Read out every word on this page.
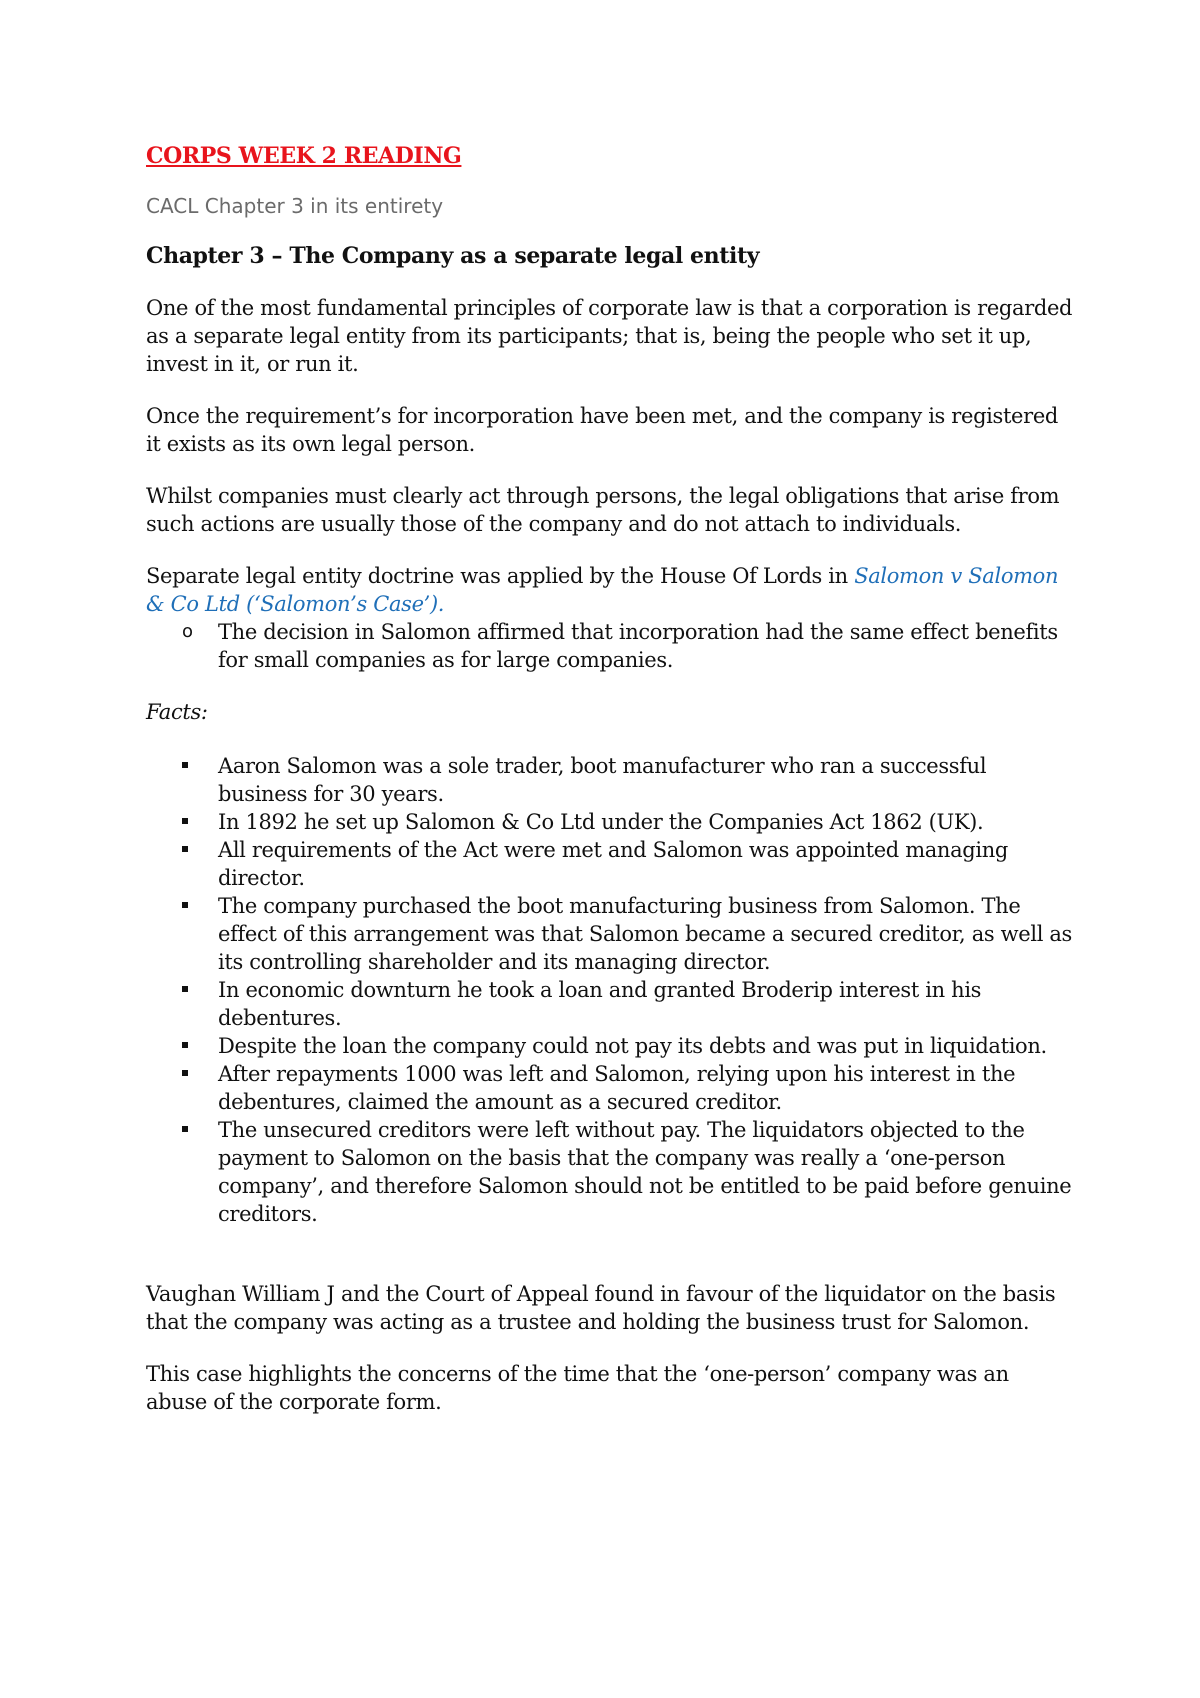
CORPS WEEK 2 READING

CACL Chapter 3 in its entirety

Chapter 3 – The Company as a separate legal entity

One of the most fundamental principles of corporate law is that a corporation is regarded as a separate legal entity from its participants; that is, being the people who set it up, invest in it, or run it.

Once the requirement’s for incorporation have been met, and the company is registered it exists as its own legal person.

Whilst companies must clearly act through persons, the legal obligations that arise from such actions are usually those of the company and do not attach to individuals.

Separate legal entity doctrine was applied by the House Of Lords in Salomon v Salomon & Co Ltd (‘Salomon’s Case’).

o The decision in Salomon affirmed that incorporation had the same effect benefits for small companies as for large companies.

Facts:

Aaron Salomon was a sole trader, boot manufacturer who ran a successful business for 30 years.
In 1892 he set up Salomon & Co Ltd under the Companies Act 1862 (UK).
All requirements of the Act were met and Salomon was appointed managing director.
The company purchased the boot manufacturing business from Salomon. The effect of this arrangement was that Salomon became a secured creditor, as well as its controlling shareholder and its managing director.
In economic downturn he took a loan and granted Broderip interest in his debentures.
Despite the loan the company could not pay its debts and was put in liquidation.
After repayments 1000 was left and Salomon, relying upon his interest in the debentures, claimed the amount as a secured creditor.
The unsecured creditors were left without pay. The liquidators objected to the payment to Salomon on the basis that the company was really a ‘one-person company’, and therefore Salomon should not be entitled to be paid before genuine creditors.

Vaughan William J and the Court of Appeal found in favour of the liquidator on the basis that the company was acting as a trustee and holding the business trust for Salomon.

This case highlights the concerns of the time that the ‘one-person’ company was an abuse of the corporate form.
